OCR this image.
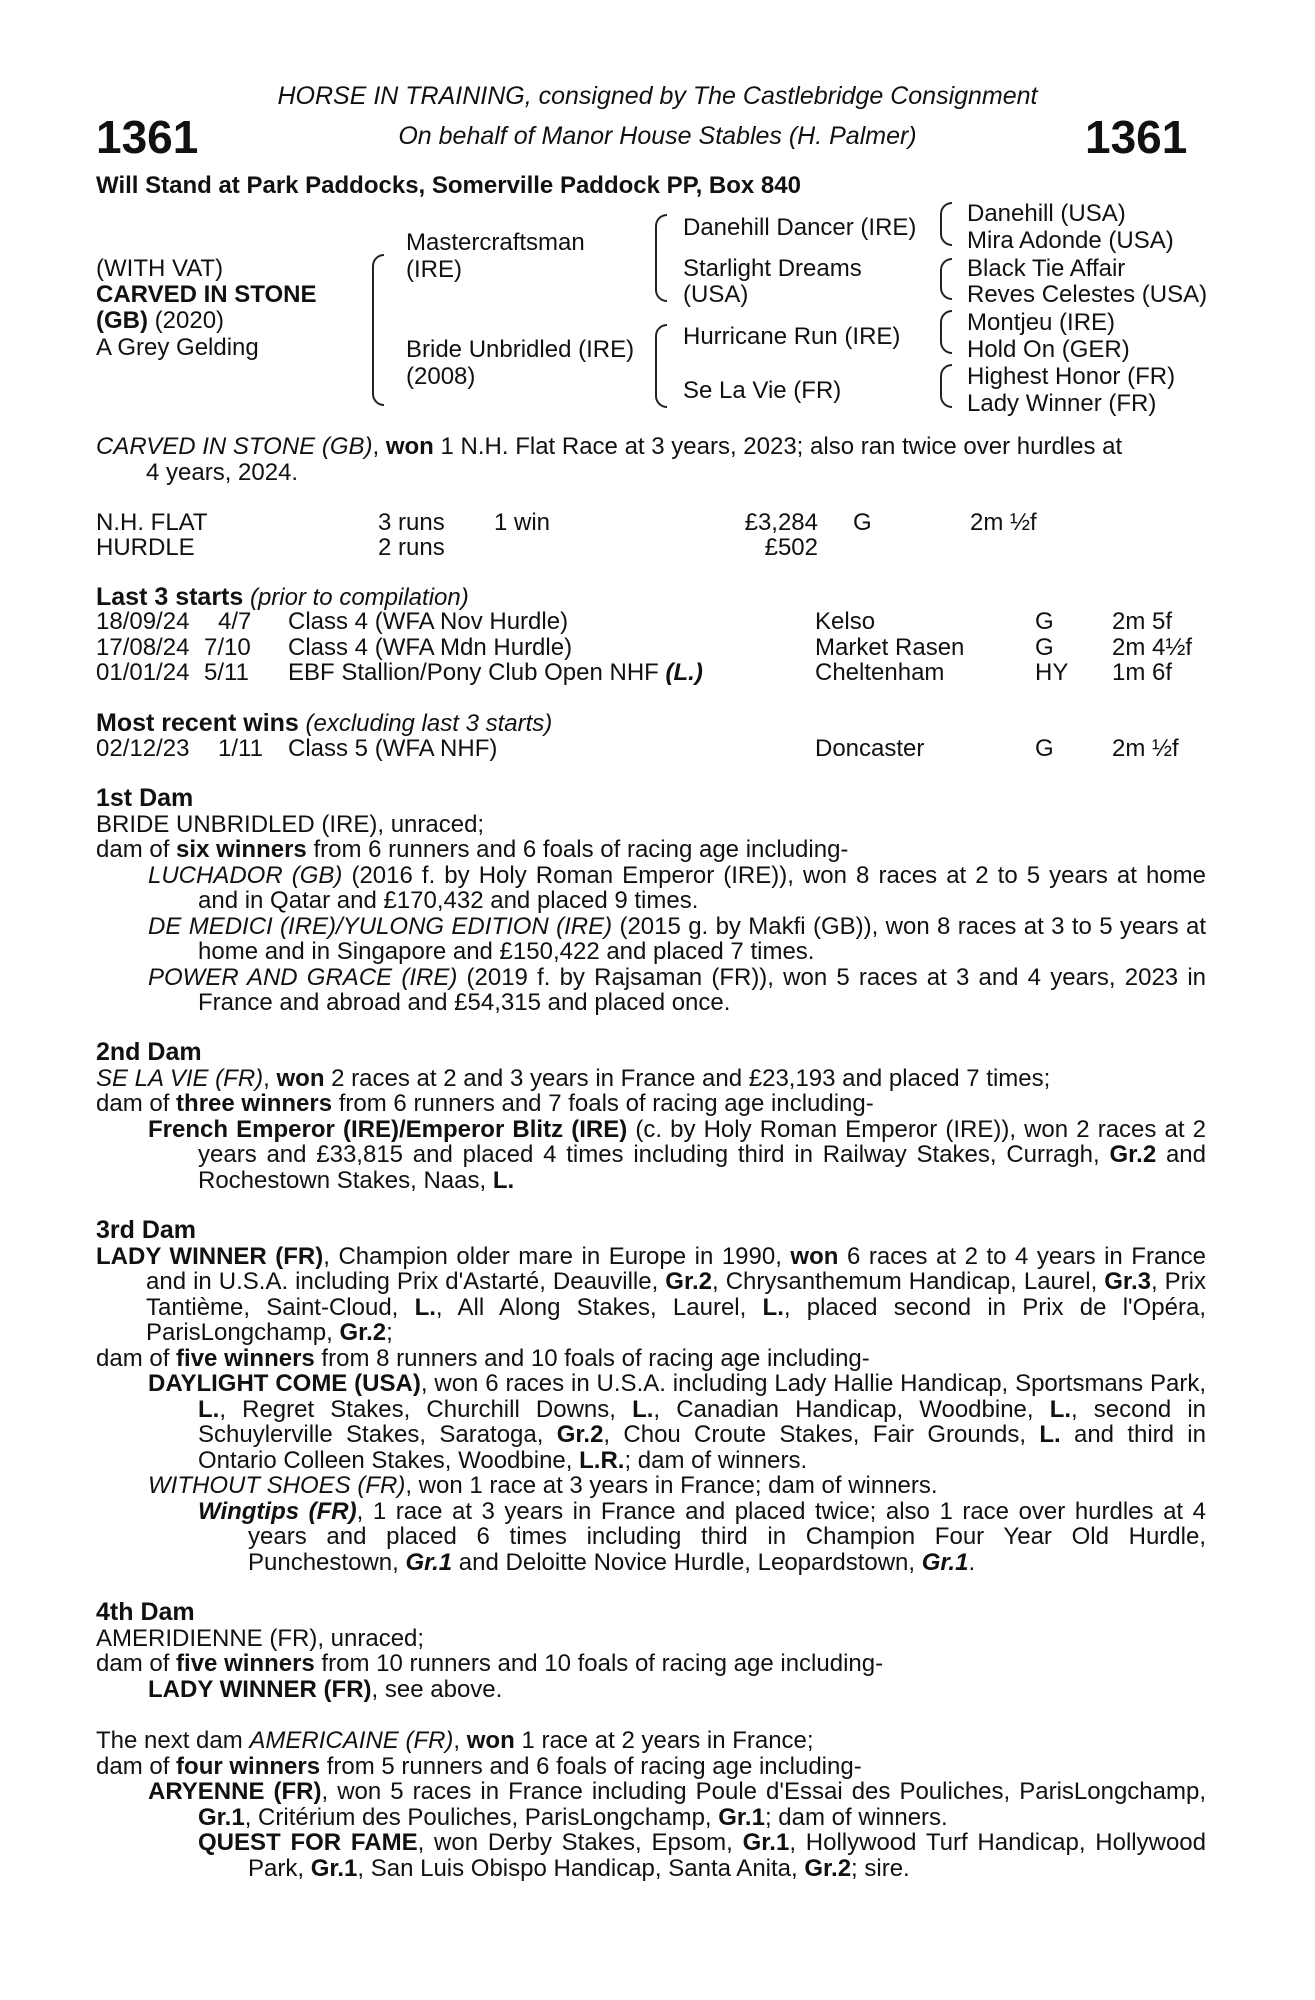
HORSE IN TRAINING, consigned by The Castlebridge Consignment
1361	On behalf of Manor House Stables (H. Palmer)	1361
Will Stand at Park Paddocks, Somerville Paddock PP, Box 840
(WITH VAT)
CARVED IN STONE
(GB) (2020)
A Grey Gelding
Mastercraftsman
(IRE)
Bride Unbridled (IRE)
(2008)
Danehill Dancer (IRE)
Starlight Dreams
(USA)
Hurricane Run (IRE)
Se La Vie (FR)
Danehill (USA)
Mira Adonde (USA)
Black Tie Affair
Reves Celestes (USA)
Montjeu (IRE)
Hold On (GER)
Highest Honor (FR)
Lady Winner (FR)
CARVED IN STONE (GB), won 1 N.H. Flat Race at 3 years, 2023; also ran twice over hurdles at
4 years, 2024.
N.H. FLAT	3 runs 1 win	£3,284 G	2m ½f
HURDLE	2 runs	£502
Last 3 starts (prior to compilation)
18/09/24 4/7 Class 4 (WFA Nov Hurdle)	Kelso	G 2m 5f
17/08/24 7/10 Class 4 (WFA Mdn Hurdle)	Market Rasen	G 2m 4½f
01/01/24 5/11 EBF Stallion/Pony Club Open NHF (L.)	Cheltenham	HY 1m 6f
Most recent wins (excluding last 3 starts)
02/12/23 1/11 Class 5 (WFA NHF)	Doncaster	G 2m ½f

1st Dam

BRIDE UNBRIDLED (IRE), unraced;

dam of six winners from 6 runners and 6 foals of racing age including-

LUCHADOR (GB) (2016 f. by Holy Roman Emperor (IRE)), won 8 races at 2 to 5 years at home and in Qatar and £170,432 and placed 9 times.

DE MEDICI (IRE)/YULONG EDITION (IRE) (2015 g. by Makfi (GB)), won 8 races at 3 to 5 years at home and in Singapore and £150,422 and placed 7 times.

POWER AND GRACE (IRE) (2019 f. by Rajsaman (FR)), won 5 races at 3 and 4 years, 2023 in France and abroad and £54,315 and placed once.

2nd Dam

SE LA VIE (FR), won 2 races at 2 and 3 years in France and £23,193 and placed 7 times;

dam of three winners from 6 runners and 7 foals of racing age including-

French Emperor (IRE)/Emperor Blitz (IRE) (c. by Holy Roman Emperor (IRE)), won 2 races at 2 years and £33,815 and placed 4 times including third in Railway Stakes, Curragh, Gr.2 and Rochestown Stakes, Naas, L.

3rd Dam

LADY WINNER (FR), Champion older mare in Europe in 1990, won 6 races at 2 to 4 years in France and in U.S.A. including Prix d'Astarté, Deauville, Gr.2, Chrysanthemum Handicap, Laurel, Gr.3, Prix Tantième, Saint-Cloud, L., All Along Stakes, Laurel, L., placed second in Prix de l'Opéra, ParisLongchamp, Gr.2;

dam of five winners from 8 runners and 10 foals of racing age including-

DAYLIGHT COME (USA), won 6 races in U.S.A. including Lady Hallie Handicap, Sportsmans Park, L., Regret Stakes, Churchill Downs, L., Canadian Handicap, Woodbine, L., second in Schuylerville Stakes, Saratoga, Gr.2, Chou Croute Stakes, Fair Grounds, L. and third in Ontario Colleen Stakes, Woodbine, L.R.; dam of winners.

WITHOUT SHOES (FR), won 1 race at 3 years in France; dam of winners.

Wingtips (FR), 1 race at 3 years in France and placed twice; also 1 race over hurdles at 4 years and placed 6 times including third in Champion Four Year Old Hurdle, Punchestown, Gr.1 and Deloitte Novice Hurdle, Leopardstown, Gr.1.

4th Dam

AMERIDIENNE (FR), unraced;

dam of five winners from 10 runners and 10 foals of racing age including-

LADY WINNER (FR), see above.

The next dam AMERICAINE (FR), won 1 race at 2 years in France;

dam of four winners from 5 runners and 6 foals of racing age including-

ARYENNE (FR), won 5 races in France including Poule d'Essai des Pouliches, ParisLongchamp, Gr.1, Critérium des Pouliches, ParisLongchamp, Gr.1; dam of winners.

QUEST FOR FAME, won Derby Stakes, Epsom, Gr.1, Hollywood Turf Handicap, Hollywood Park, Gr.1, San Luis Obispo Handicap, Santa Anita, Gr.2; sire.
